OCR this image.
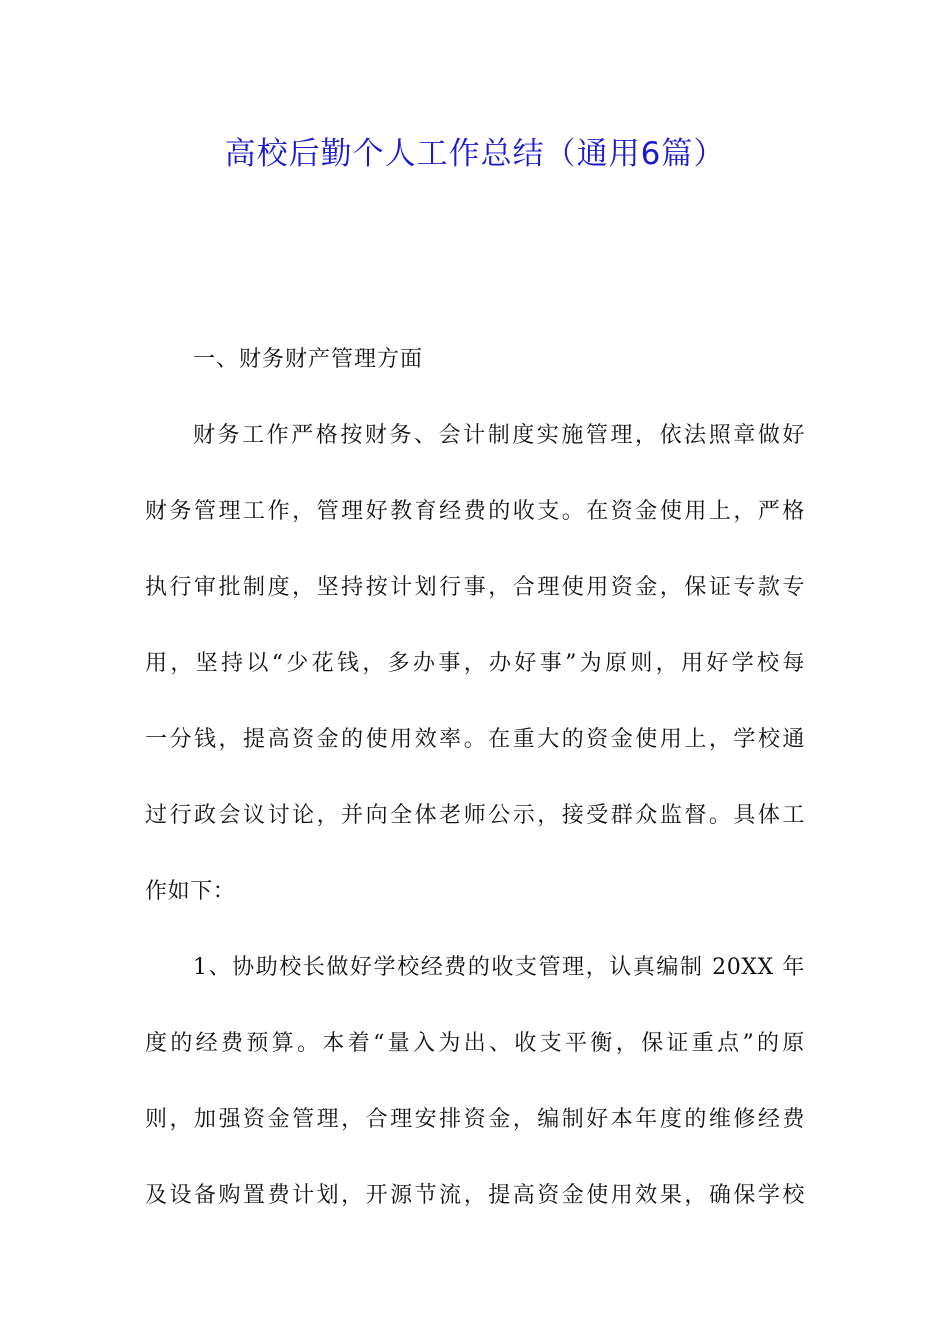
高校后勤个人工作总结（通用6篇）
一、财务财产管理方面
财务工作严格按财务、会计制度实施管理，依法照章做好
财务管理工作，管理好教育经费的收支。在资金使用上，严格
执行审批制度，坚持按计划行事，合理使用资金，保证专款专
用，坚持以“少花钱，多办事，办好事”为原则，用好学校每
一分钱，提高资金的使用效率。在重大的资金使用上，学校通
过行政会议讨论，并向全体老师公示，接受群众监督。具体工
作如下：
1、协助校长做好学校经费的收支管理，认真编制 20XX 年
度的经费预算。本着“量入为出、收支平衡，保证重点”的原
则，加强资金管理，合理安排资金，编制好本年度的维修经费
及设备购置费计划，开源节流，提高资金使用效果，确保学校
